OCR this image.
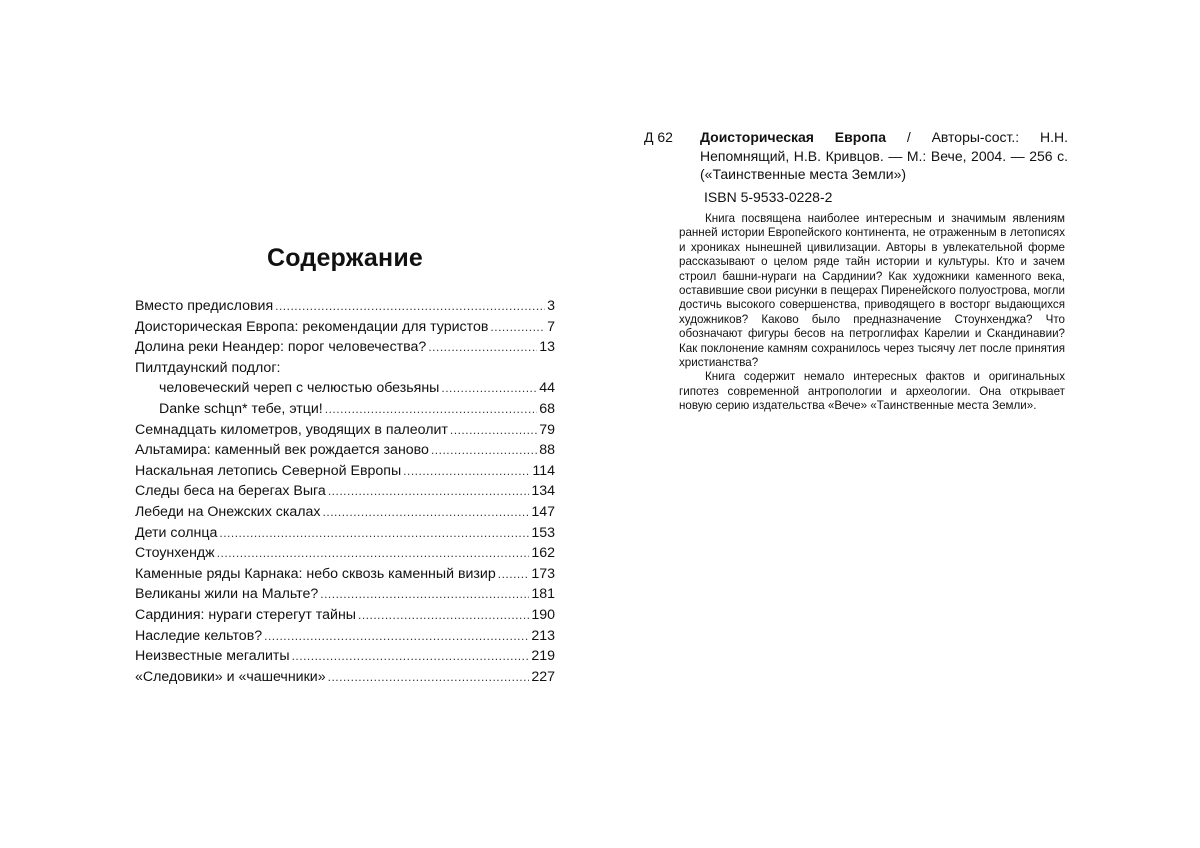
Содержание
Вместо предисловия .....	3
Доисторическая Европа: рекомендации для туристов .....	7
Долина реки Неандер: порог человечества? .....	13
Пилтдаунский подлог:
человеческий череп с челюстью обезьяны .....	44
Danke schцn* тебе, этци! .....	68
Семнадцать километров, уводящих в палеолит .....	79
Альтамира: каменный век рождается заново .....	88
Наскальная летопись Северной Европы .....	114
Следы беса на берегах Выга .....	134
Лебеди на Онежских скалах .....	147
Дети солнца .....	153
Стоунхендж .....	162
Каменные ряды Карнака: небо сквозь каменный визир .....	173
Великаны жили на Мальте? .....	181
Сардиния: нураги стерегут тайны .....	190
Наследие кельтов? .....	213
Неизвестные мегалиты .....	219
«Следовики» и «чашечники» .....	227
Д 62 Доисторическая Европа / Авторы-сост.: Н.Н. Непомнящий, Н.В. Кривцов. — М.: Вече, 2004. — 256 с. («Таинственные места Земли»)
ISBN 5-9533-0228-2

Книга посвящена наиболее интересным и значимым явлениям ранней истории Европейского континента, не отраженным в летописях и хрониках нынешней цивилизации. Авторы в увлекательной форме рассказывают о целом ряде тайн истории и культуры. Кто и зачем строил башни-нураги на Сардинии? Как художники каменного века, оставившие свои рисунки в пещерах Пиренейского полуострова, могли достичь высокого совершенства, приводящего в восторг выдающихся художников? Каково было предназначение Стоунхенджа? Что обозначают фигуры бесов на петроглифах Карелии и Скандинавии? Как поклонение камням сохранилось через тысячу лет после принятия христианства?

Книга содержит немало интересных фактов и оригинальных гипотез современной антропологии и археологии. Она открывает новую серию издательства «Вече» «Таинственные места Земли».
